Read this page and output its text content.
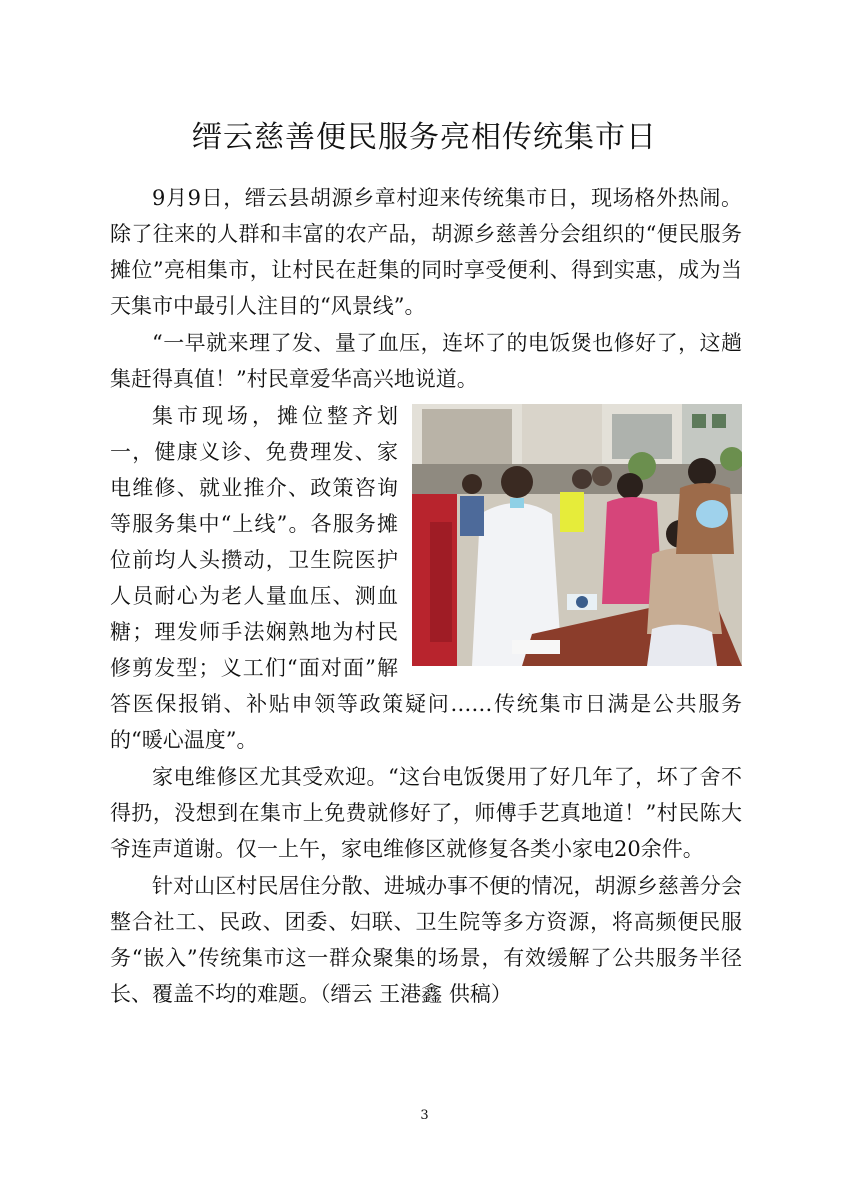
缙云慈善便民服务亮相传统集市日

9月9日，缙云县胡源乡章村迎来传统集市日，现场格外热闹。除了往来的人群和丰富的农产品，胡源乡慈善分会组织的“便民服务摊位”亮相集市，让村民在赶集的同时享受便利、得到实惠，成为当天集市中最引人注目的“风景线”。

“一早就来理了发、量了血压，连坏了的电饭煲也修好了，这趟集赶得真值！”村民章爱华高兴地说道。

集市现场，摊位整齐划一，健康义诊、免费理发、家电维修、就业推介、政策咨询等服务集中“上线”。各服务摊位前均人头攒动，卫生院医护人员耐心为老人量血压、测血糖；理发师手法娴熟地为村民修剪发型；义工们“面对面”解答医保报销、补贴申领等政策疑问……传统集市日满是公共服务的“暖心温度”。

家电维修区尤其受欢迎。“这台电饭煲用了好几年了，坏了舍不得扔，没想到在集市上免费就修好了，师傅手艺真地道！”村民陈大爷连声道谢。仅一上午，家电维修区就修复各类小家电20余件。

针对山区村民居住分散、进城办事不便的情况，胡源乡慈善分会整合社工、民政、团委、妇联、卫生院等多方资源，将高频便民服务“嵌入”传统集市这一群众聚集的场景，有效缓解了公共服务半径长、覆盖不均的难题。（缙云 王港鑫 供稿）

3
